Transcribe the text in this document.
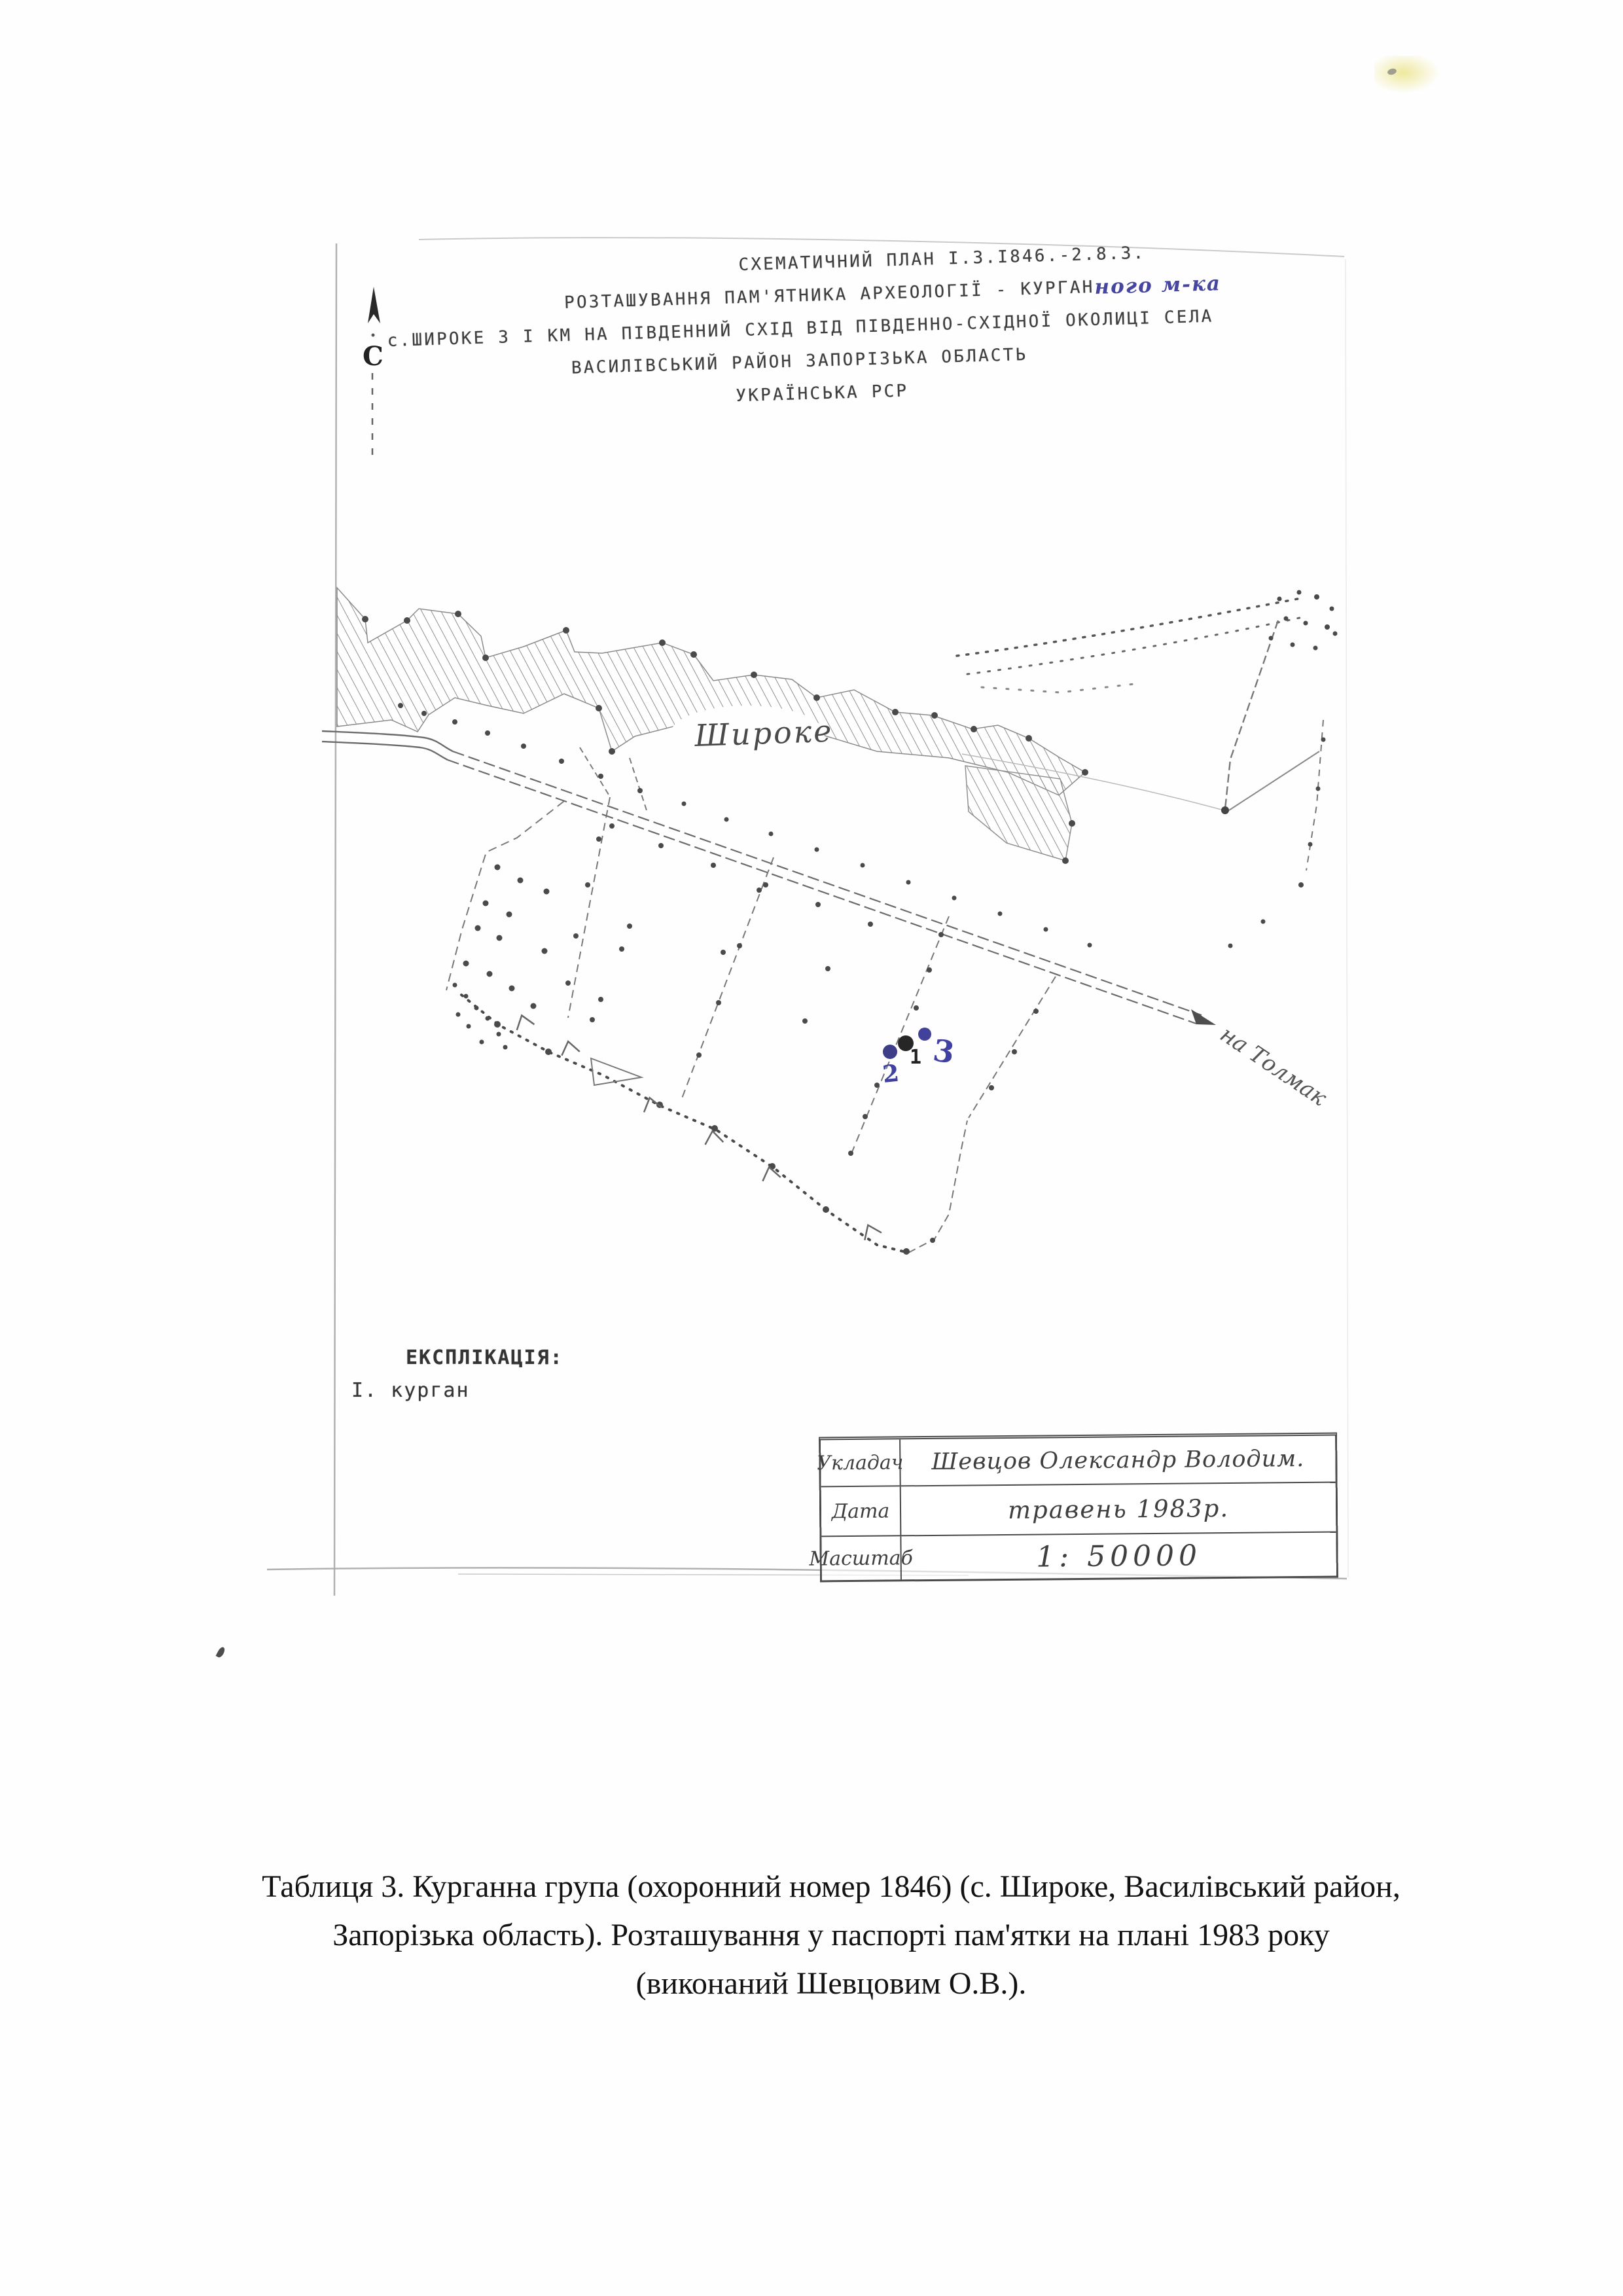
СХЕМАТИЧНИЙ ПЛАН І.3.І846.-2.8.3.
РОЗТАШУВАННЯ ПАМ'ЯТНИКА АРХЕОЛОГІЇ - КУРГАНного м-ка
с.ШИРОКЕ З І КМ НА ПІВДЕННИЙ СХІД ВІД ПІВДЕННО-СХІДНОЇ ОКОЛИЦІ СЕЛА
ВАСИЛІВСЬКИЙ РАЙОН ЗАПОРІЗЬКА ОБЛАСТЬ
УКРАЇНСЬКА РСР
С
Широке
на Толмак
1
2
3
ЕКСПЛІКАЦІЯ:
І. курган
Укладач	Шевцов Олександр Володим.
Дата	травень 1983р.
Масштаб	1: 50000
Таблиця 3. Курганна група (охоронний номер 1846) (с. Широке, Василівський район,
Запорізька область). Розташування у паспорті пам'ятки на плані 1983 року
(виконаний Шевцовим О.В.).
